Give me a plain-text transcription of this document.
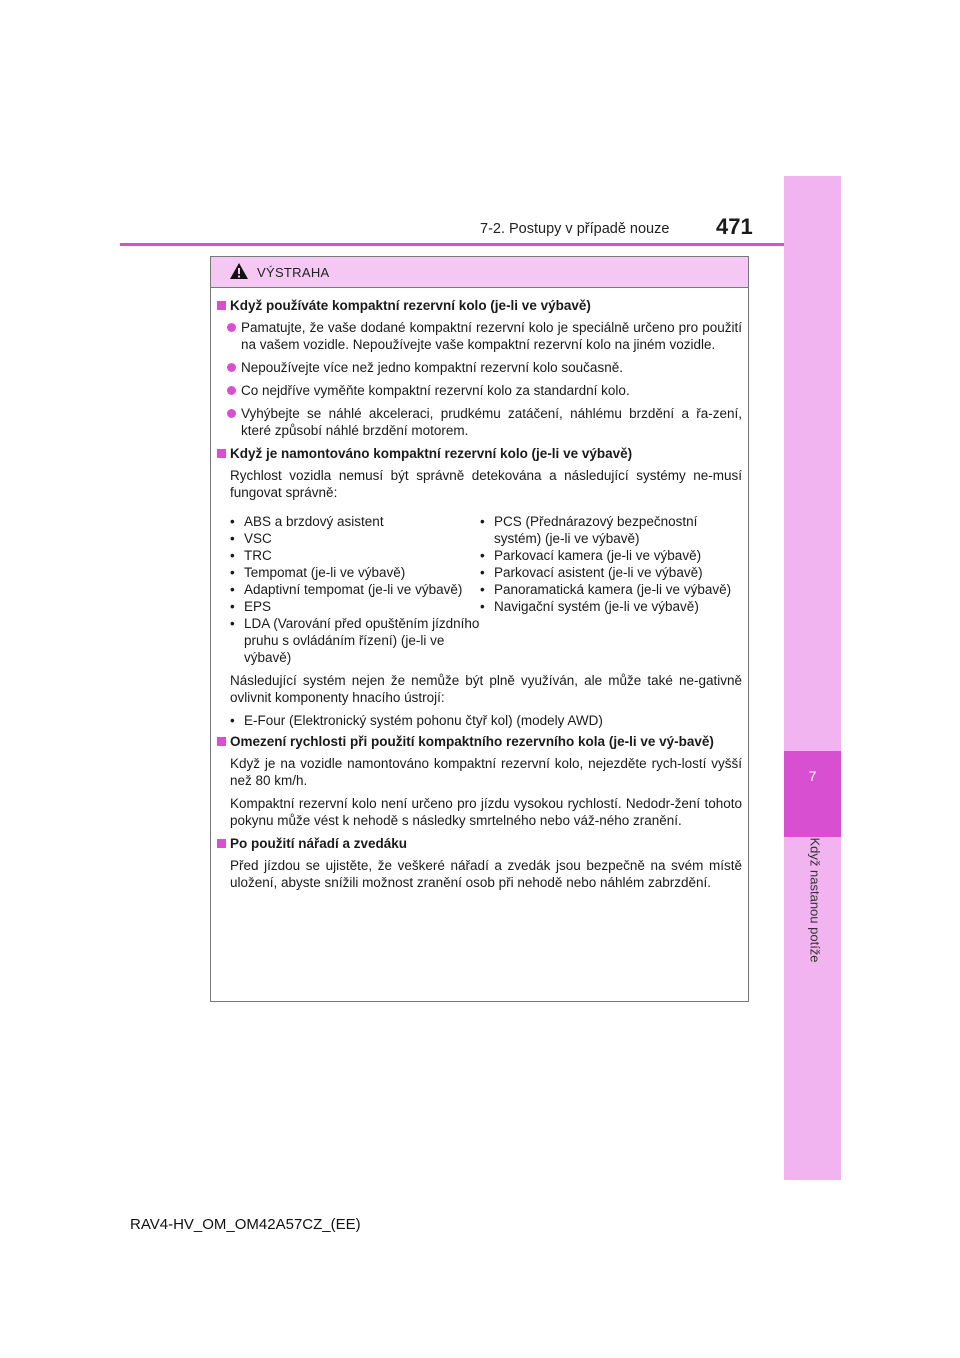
7
Když nastanou potíže
7-2. Postupy v případě nouze 471
VÝSTRAHA
Když používáte kompaktní rezervní kolo (je-li ve výbavě)
Pamatujte, že vaše dodané kompaktní rezervní kolo je speciálně určeno pro použití na vašem vozidle. Nepoužívejte vaše kompaktní rezervní kolo na jiném vozidle.
Nepoužívejte více než jedno kompaktní rezervní kolo současně.
Co nejdříve vyměňte kompaktní rezervní kolo za standardní kolo.
Vyhýbejte se náhlé akceleraci, prudkému zatáčení, náhlému brzdění a řa-zení, které způsobí náhlé brzdění motorem.
Když je namontováno kompaktní rezervní kolo (je-li ve výbavě)
Rychlost vozidla nemusí být správně detekována a následující systémy ne-musí fungovat správně:
• ABS a brzdový asistent
• VSC
• TRC
• Tempomat (je-li ve výbavě)
• Adaptivní tempomat (je-li ve výbavě)
• EPS
• LDA (Varování před opuštěním jízdního pruhu s ovládáním řízení) (je-li ve výbavě)
• PCS (Přednárazový bezpečnostní systém) (je-li ve výbavě)
• Parkovací kamera (je-li ve výbavě)
• Parkovací asistent (je-li ve výbavě)
• Panoramatická kamera (je-li ve výbavě)
• Navigační systém (je-li ve výbavě)
Následující systém nejen že nemůže být plně využíván, ale může také ne-gativně ovlivnit komponenty hnacího ústrojí:
• E-Four (Elektronický systém pohonu čtyř kol) (modely AWD)
Omezení rychlosti při použití kompaktního rezervního kola (je-li ve vý-bavě)
Když je na vozidle namontováno kompaktní rezervní kolo, nejezděte rych-lostí vyšší než 80 km/h.
Kompaktní rezervní kolo není určeno pro jízdu vysokou rychlostí. Nedodr-žení tohoto pokynu může vést k nehodě s následky smrtelného nebo váž-ného zranění.
Po použití nářadí a zvedáku
Před jízdou se ujistěte, že veškeré nářadí a zvedák jsou bezpečně na svém místě uložení, abyste snížili možnost zranění osob při nehodě nebo náhlém zabrzdění.
RAV4-HV_OM_OM42A57CZ_(EE)
